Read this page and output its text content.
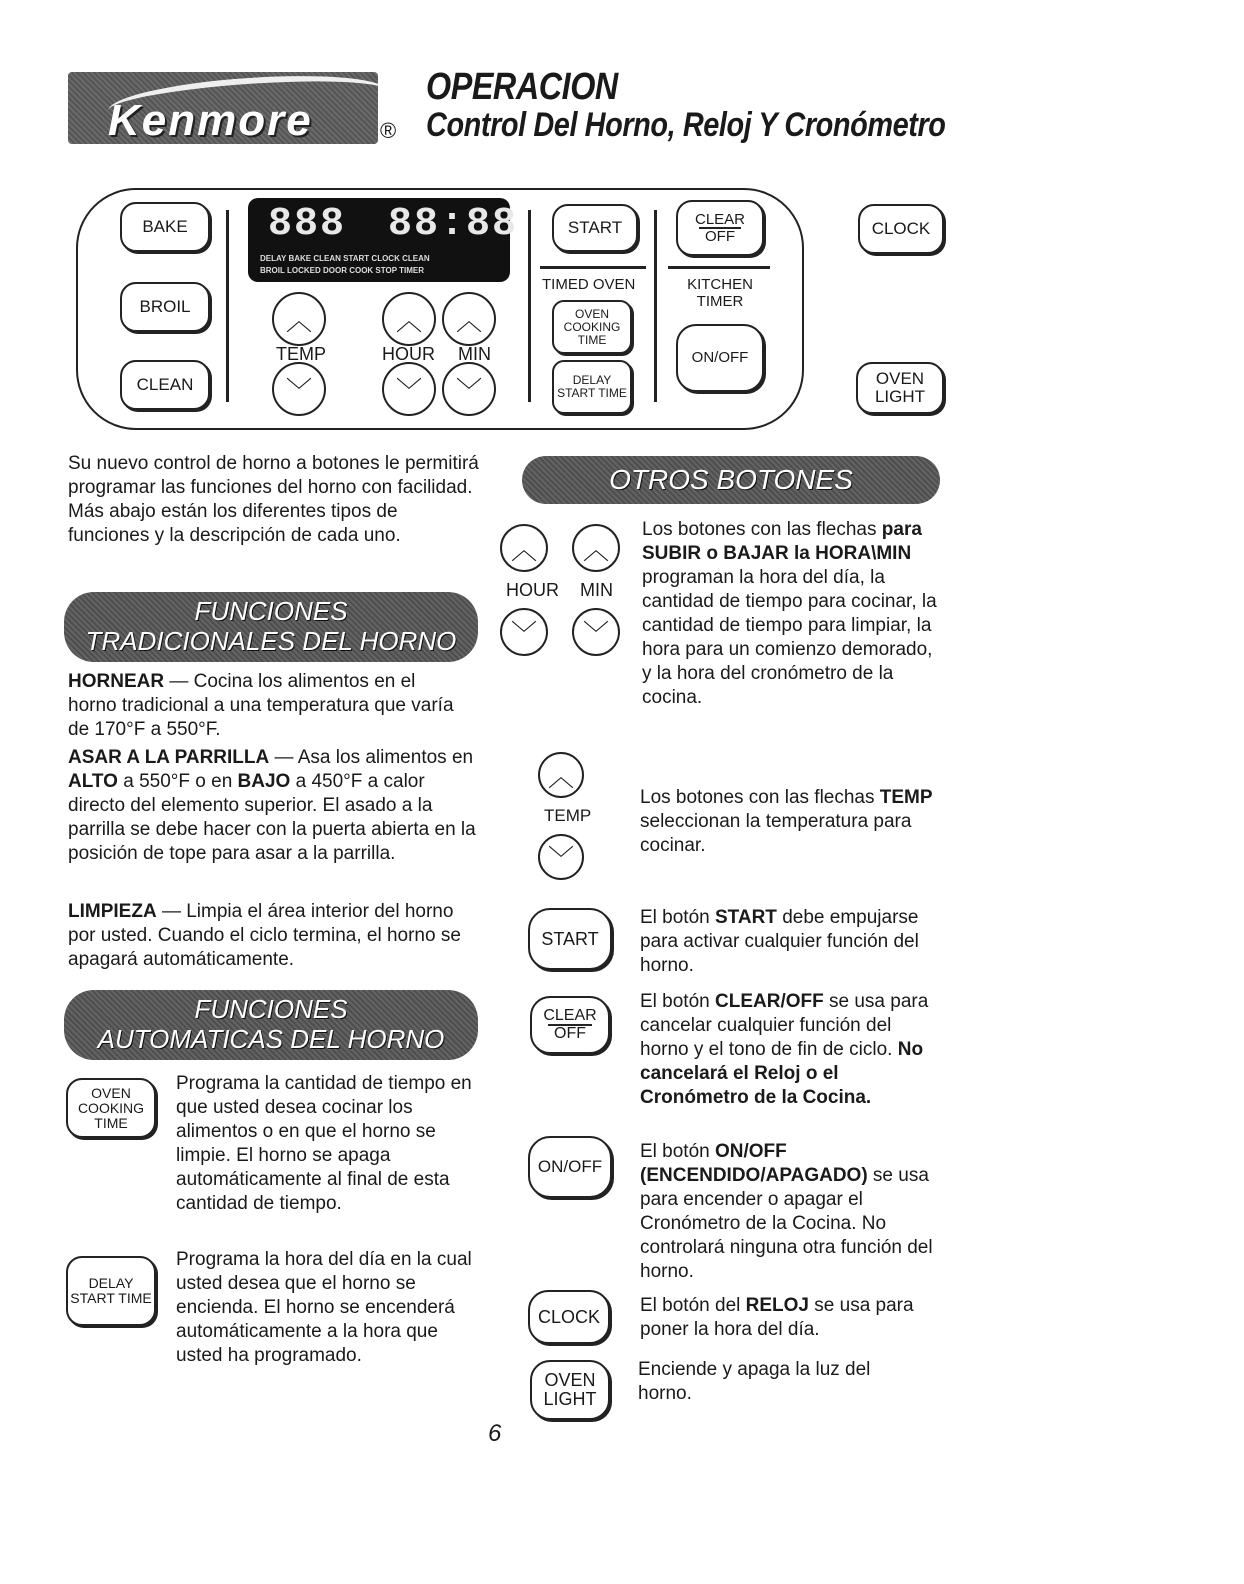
Kenmore	®
OPERACION
Control Del Horno, Reloj Y Cronómetro
BAKE
BROIL
CLEAN
888 88:88
DELAY BAKE CLEAN START CLOCK CLEAN
BROIL LOCKED DOOR COOK STOP TIMER
︿
﹀
︿	︿
﹀	﹀
TEMP	HOUR MIN
START
TIMED OVEN
OVEN COOKING TIME
DELAY START TIME
CLEAR
OFF
KITCHEN TIMER
ON/OFF
CLOCK
OVEN LIGHT
Su nuevo control de horno a botones le permitirá programar las funciones del horno con facilidad. Más abajo están los diferentes tipos de funciones y la descripción de cada uno.
FUNCIONES
TRADICIONALES DEL HORNO
HORNEAR — Cocina los alimentos en el horno tradicional a una temperatura que varía de 170°F a 550°F.
ASAR A LA PARRILLA — Asa los alimentos en ALTO a 550°F o en BAJO a 450°F a calor directo del elemento superior. El asado a la parrilla se debe hacer con la puerta abierta en la posición de tope para asar a la parrilla.
LIMPIEZA — Limpia el área interior del horno por usted. Cuando el ciclo termina, el horno se apagará automáticamente.
FUNCIONES
AUTOMATICAS DEL HORNO
OVEN COOKING TIME
Programa la cantidad de tiempo en que usted desea cocinar los alimentos o en que el horno se limpie. El horno se apaga automáticamente al final de esta cantidad de tiempo.
DELAY START TIME
Programa la hora del día en la cual usted desea que el horno se encienda. El horno se encenderá automáticamente a la hora que usted ha programado.
OTROS BOTONES
︿	︿
HOUR MIN
﹀	﹀
Los botones con las flechas para SUBIR o BAJAR la HORA\MIN programan la hora del día, la cantidad de tiempo para cocinar, la cantidad de tiempo para limpiar, la hora para un comienzo demorado, y la hora del cronómetro de la cocina.
︿
TEMP
﹀
Los botones con las flechas TEMP seleccionan la temperatura para cocinar.
START
El botón START debe empujarse para activar cualquier función del horno.
CLEAR
OFF
El botón CLEAR/OFF se usa para cancelar cualquier función del horno y el tono de fin de ciclo. No cancelará el Reloj o el Cronómetro de la Cocina.
ON/OFF
El botón ON/OFF (ENCENDIDO/APAGADO) se usa para encender o apagar el Cronómetro de la Cocina. No controlará ninguna otra función del horno.
CLOCK
El botón del RELOJ se usa para poner la hora del día.
OVEN LIGHT
Enciende y apaga la luz del horno.
6
